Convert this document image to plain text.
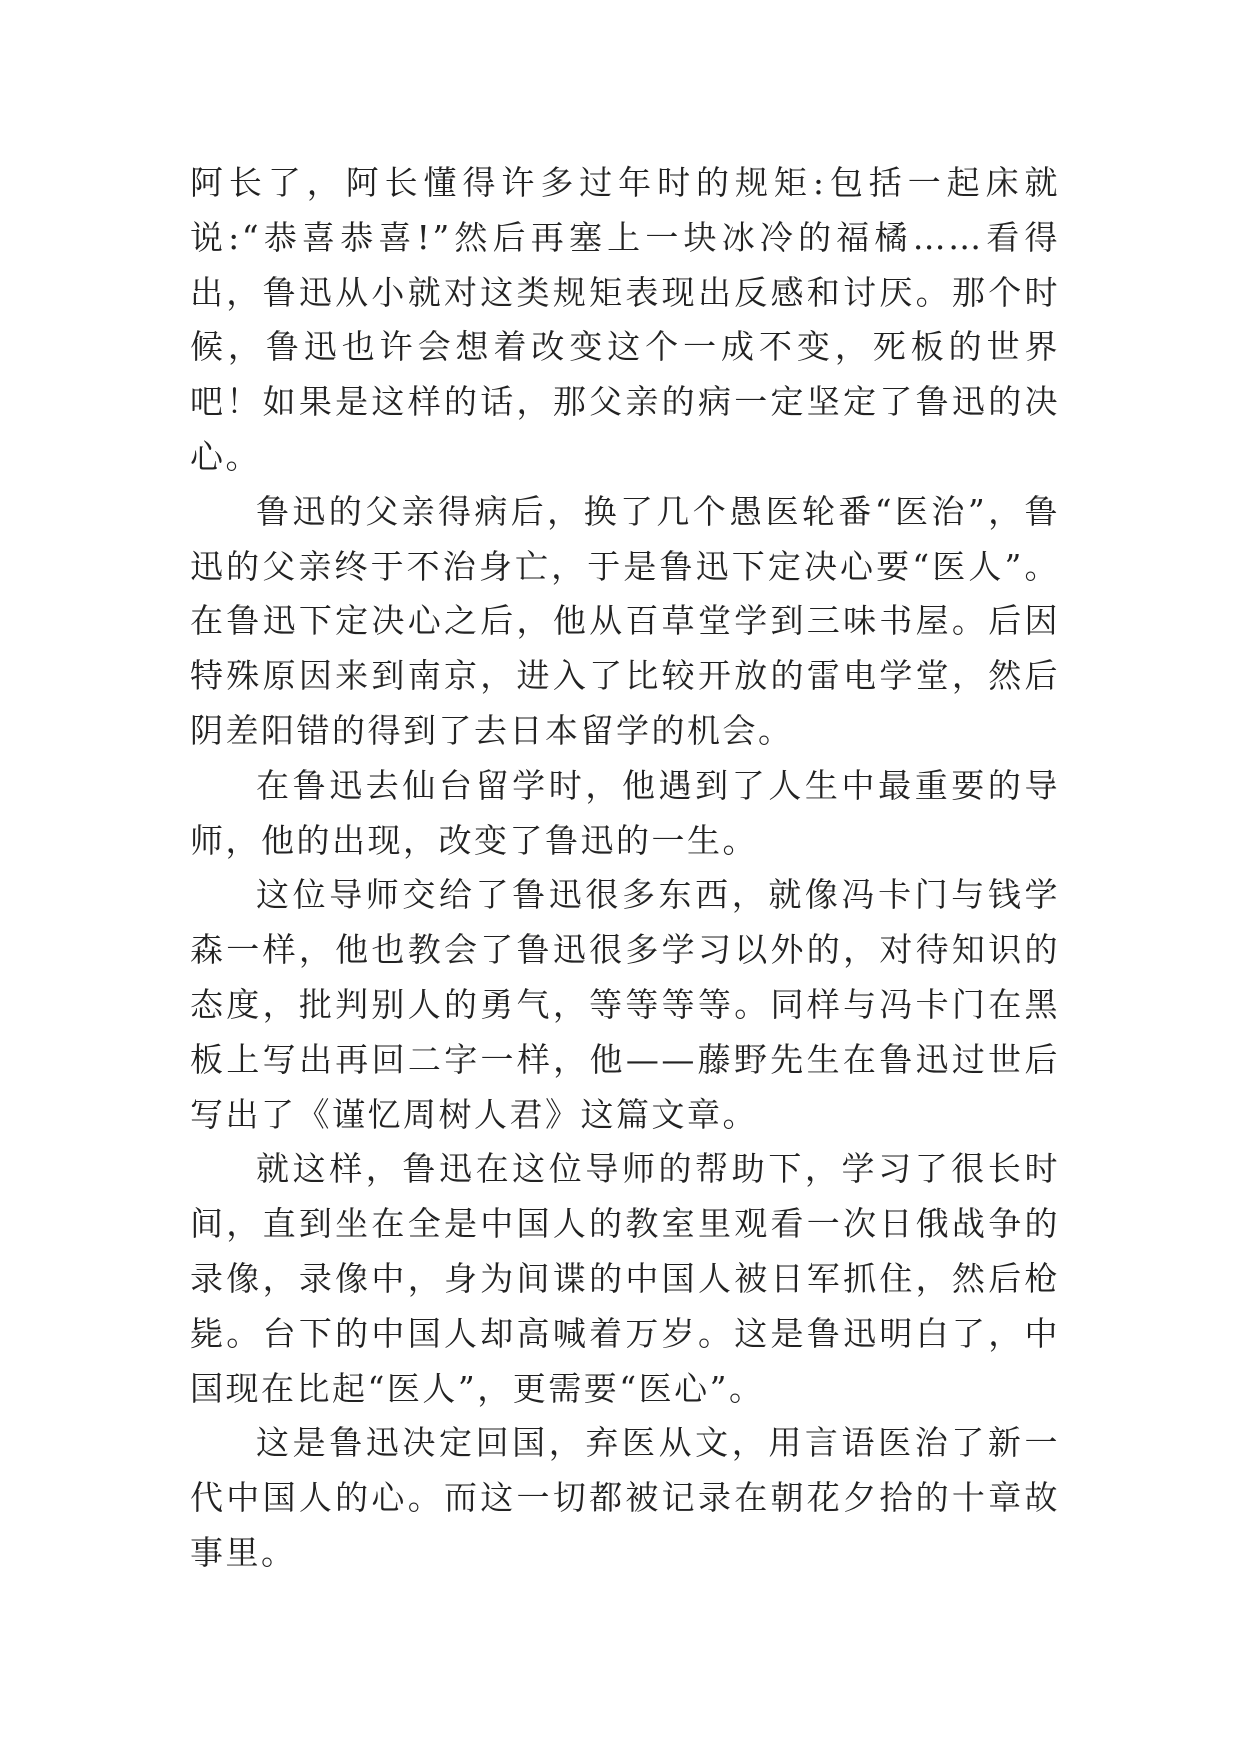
阿长了，阿长懂得许多过年时的规矩:包括一起床就说:“恭喜恭喜!”然后再塞上一块冰冷的福橘……看得出，鲁迅从小就对这类规矩表现出反感和讨厌。那个时候，鲁迅也许会想着改变这个一成不变，死板的世界吧！如果是这样的话，那父亲的病一定坚定了鲁迅的决心。

鲁迅的父亲得病后，换了几个愚医轮番“医治”，鲁迅的父亲终于不治身亡，于是鲁迅下定决心要“医人”。在鲁迅下定决心之后，他从百草堂学到三味书屋。后因特殊原因来到南京，进入了比较开放的雷电学堂，然后阴差阳错的得到了去日本留学的机会。

在鲁迅去仙台留学时，他遇到了人生中最重要的导师，他的出现，改变了鲁迅的一生。

这位导师交给了鲁迅很多东西，就像冯卡门与钱学森一样，他也教会了鲁迅很多学习以外的，对待知识的态度，批判别人的勇气，等等等等。同样与冯卡门在黑板上写出再回二字一样，他——藤野先生在鲁迅过世后写出了《谨忆周树人君》这篇文章。

就这样，鲁迅在这位导师的帮助下，学习了很长时间，直到坐在全是中国人的教室里观看一次日俄战争的录像，录像中，身为间谍的中国人被日军抓住，然后枪毙。台下的中国人却高喊着万岁。这是鲁迅明白了，中国现在比起“医人”，更需要“医心”。

这是鲁迅决定回国，弃医从文，用言语医治了新一代中国人的心。而这一切都被记录在朝花夕拾的十章故事里。
